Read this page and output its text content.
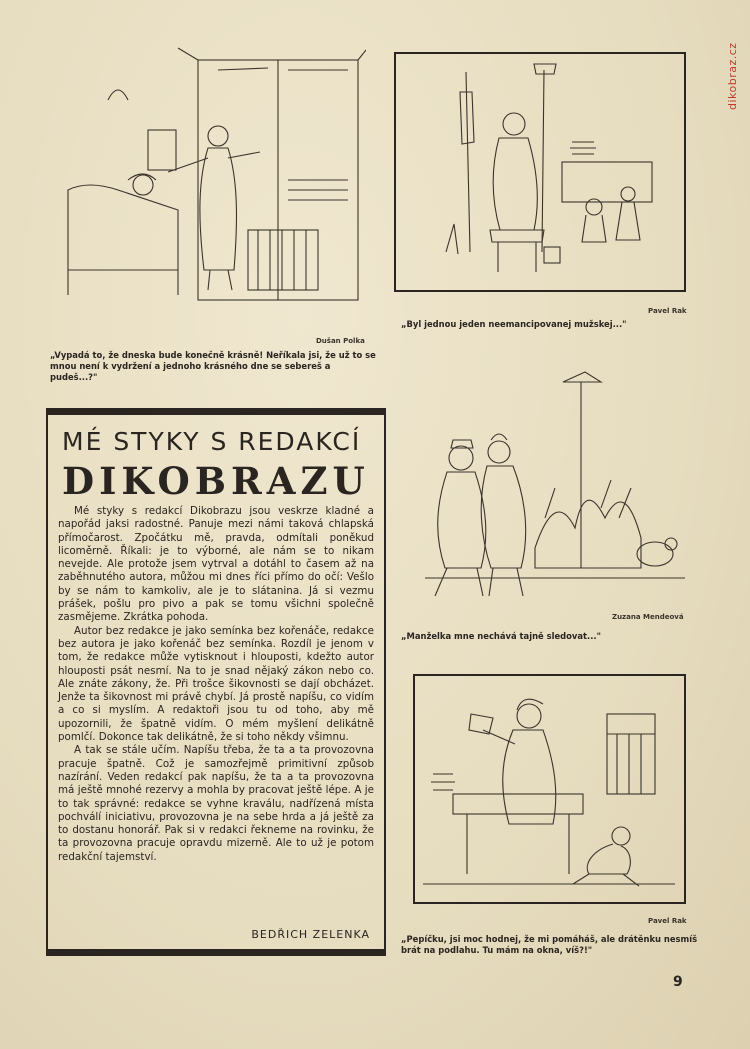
dikobraz.cz
Dušan Polka
„Vypadá to, že dneska bude konečně krásně! Neříkala jsi, že už to se mnou není k vydržení a jednoho krásného dne se sebereš a pudeš...?"
Pavel Rak
„Byl jednou jeden neemancipovanej mužskej..."
MÉ STYKY S REDAKCÍ
DIKOBRAZU

Mé styky s redakcí Dikobrazu jsou veskrze kladné a napořád jaksi radostné. Panuje mezi námi taková chlapská přímočarost. Zpočátku mě, pravda, odmítali poněkud licoměrně. Říkali: je to výborné, ale nám se to nikam nevejde. Ale protože jsem vytrval a dotáhl to časem až na zaběhnutého autora, můžou mi dnes říci přímo do očí: Vešlo by se nám to kamkoliv, ale je to slátanina. Já si vezmu prášek, pošlu pro pivo a pak se tomu všichni společně zasmějeme. Zkrátka pohoda.

Autor bez redakce je jako semínka bez kořenáče, redakce bez autora je jako kořenáč bez semínka. Rozdíl je jenom v tom, že redakce může vytisknout i hlouposti, kdežto autor hlouposti psát nesmí. Na to je snad nějaký zákon nebo co. Ale znáte zákony, že. Při trošce šikovnosti se dají obcházet. Jenže ta šikovnost mi právě chybí. Já prostě napíšu, co vidím a co si myslím. A redaktoři jsou tu od toho, aby mě upozornili, že špatně vidím. O mém myšlení delikátně pomlčí. Dokonce tak delikátně, že si toho někdy všimnu.

A tak se stále učím. Napíšu třeba, že ta a ta provozovna pracuje špatně. Což je samozřejmě primitivní způsob nazírání. Veden redakcí pak napíšu, že ta a ta provozovna má ještě mnohé rezervy a mohla by pracovat ještě lépe. A je to tak správné: redakce se vyhne kraválu, nadřízená místa pochválí iniciativu, provozovna je na sebe hrda a já ještě za to dostanu honorář. Pak si v redakci řekneme na rovinku, že ta provozovna pracuje opravdu mizerně. Ale to už je potom redakční tajemství.

BEDŘICH ZELENKA
Zuzana Mendeová
„Manželka mne nechává tajně sledovat..."
Pavel Rak
„Pepíčku, jsi moc hodnej, že mi pomáháš, ale drátěnku nesmíš brát na podlahu. Tu mám na okna, víš?!"
9
